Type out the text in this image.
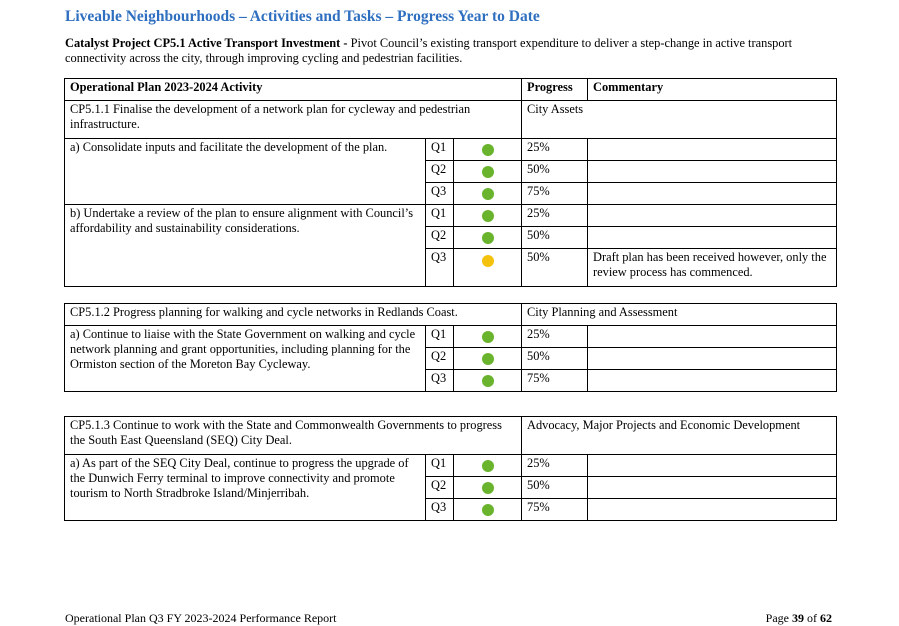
Liveable Neighbourhoods – Activities and Tasks – Progress Year to Date
Catalyst Project CP5.1 Active Transport Investment - Pivot Council’s existing transport expenditure to deliver a step-change in active transport connectivity across the city, through improving cycling and pedestrian facilities.
Operational Plan 2023-2024 Activity			Progress	Commentary
CP5.1.1 Finalise the development of a network plan for cycleway and pedestrian infrastructure.			City Assets	
a) Consolidate inputs and facilitate the development of the plan.	Q1		25%	
	Q2		50%	
	Q3		75%	
b) Undertake a review of the plan to ensure alignment with Council’s affordability and sustainability considerations.	Q1		25%	
	Q2		50%	
	Q3		50%	Draft plan has been received however, only the review process has commenced.
CP5.1.2 Progress planning for walking and cycle networks in Redlands Coast.			City Planning and Assessment	
a) Continue to liaise with the State Government on walking and cycle network planning and grant opportunities, including planning for the Ormiston section of the Moreton Bay Cycleway.	Q1		25%	
	Q2		50%	
	Q3		75%	
CP5.1.3 Continue to work with the State and Commonwealth Governments to progress the South East Queensland (SEQ) City Deal.			Advocacy, Major Projects and Economic Development	
a) As part of the SEQ City Deal, continue to progress the upgrade of the Dunwich Ferry terminal to improve connectivity and promote tourism to North Stradbroke Island/Minjerribah.	Q1		25%	
	Q2		50%	
	Q3		75%	
Operational Plan Q3 FY 2023-2024 Performance Report	Page 39 of 62
